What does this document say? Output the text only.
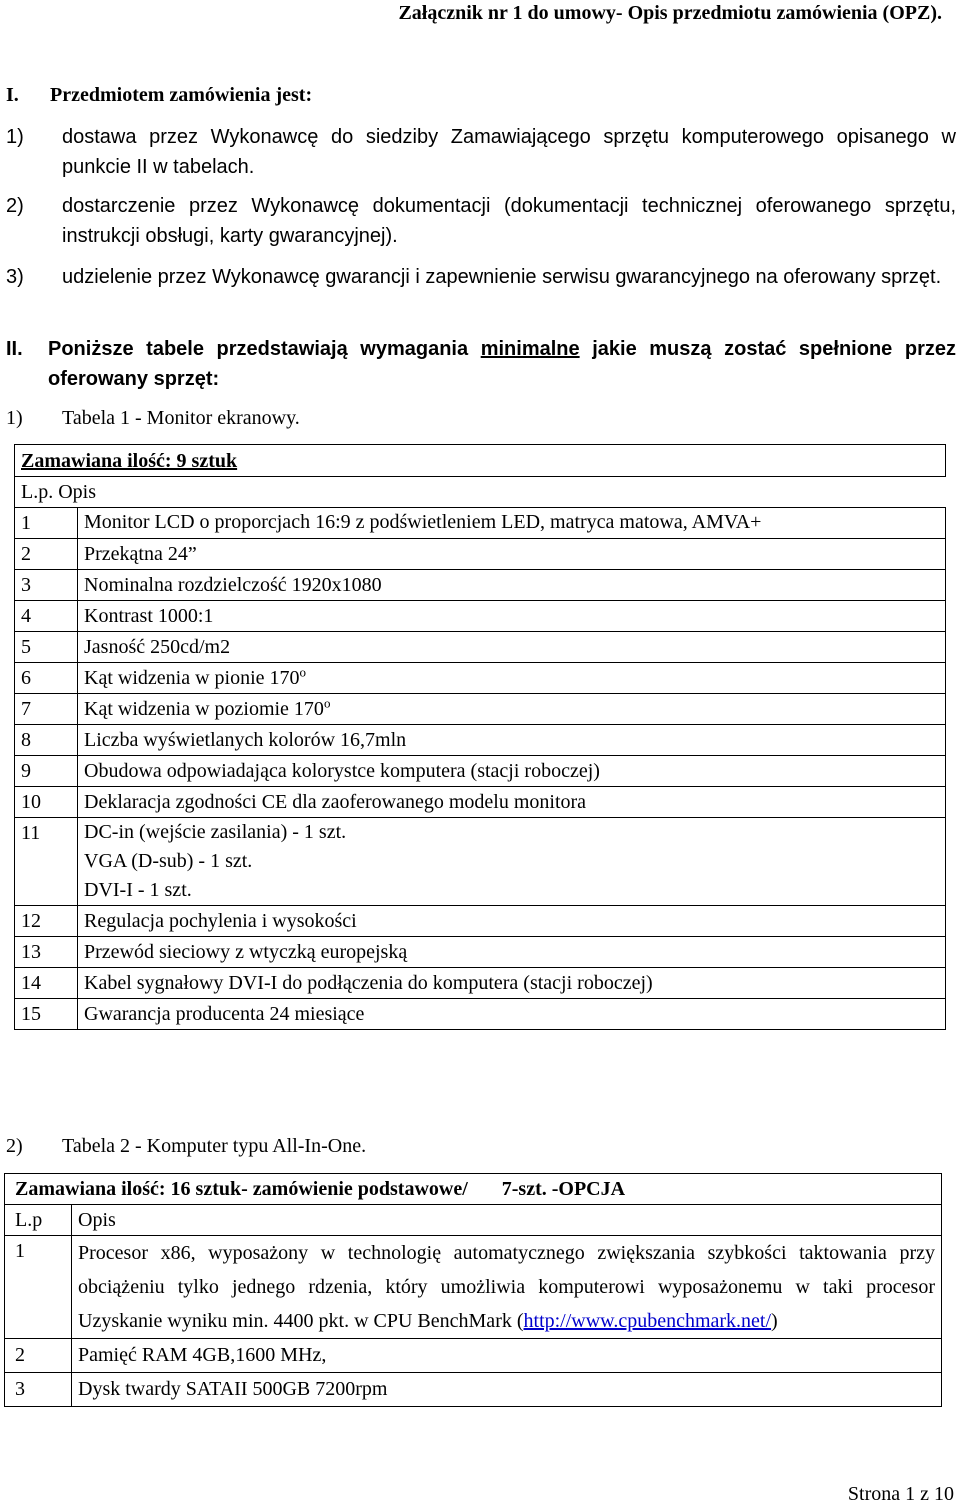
Załącznik nr 1 do umowy- Opis przedmiotu zamówienia (OPZ).
I. Przedmiotem zamówienia jest:
1) dostawa przez Wykonawcę do siedziby Zamawiającego sprzętu komputerowego opisanego w punkcie II w tabelach.
2) dostarczenie przez Wykonawcę dokumentacji (dokumentacji technicznej oferowanego sprzętu, instrukcji obsługi, karty gwarancyjnej).
3) udzielenie przez Wykonawcę gwarancji i zapewnienie serwisu gwarancyjnego na oferowany sprzęt.
II. Poniższe tabele przedstawiają wymagania minimalne jakie muszą zostać spełnione przez oferowany sprzęt:
1) Tabela 1 - Monitor ekranowy.
Zamawiana ilość: 9 sztuk	
L.p. Opis	
1	Monitor LCD o proporcjach 16:9 z podświetleniem LED, matryca matowa, AMVA+
2	Przekątna 24”
3	Nominalna rozdzielczość 1920x1080
4	Kontrast 1000:1
5	Jasność 250cd/m2
6	Kąt widzenia w pionie 170$^o$
7	Kąt widzenia w poziomie 170$^o$
8	Liczba wyświetlanych kolorów 16,7mln
9	Obudowa odpowiadająca kolorystce komputera (stacji roboczej)
10	Deklaracja zgodności CE dla zaoferowanego modelu monitora
11	DC-in (wejście zasilania) - 1 szt.
VGA (D-sub) - 1 szt.
DVI-I - 1 szt.

12	Regulacja pochylenia i wysokości
13	Przewód sieciowy z wtyczką europejską
14	Kabel sygnałowy DVI-I do podłączenia do komputera (stacji roboczej)
15	Gwarancja producenta 24 miesiące
2) Tabela 2 - Komputer typu All-In-One.
Zamawiana ilość: 16 sztuk- zamówienie podstawowe/ 7-szt. -OPCJA	
L.p	Opis
1	Procesor x86, wyposażony w technologię automatycznego zwiększania szybkości taktowania przy obciążeniu tylko jednego rdzenia, który umożliwia komputerowi wyposażonemu w taki procesor Uzyskanie wyniku min. 4400 pkt. w CPU BenchMark (http://www.cpubenchmark.net/)
2	Pamięć RAM 4GB,1600 MHz,
3	Dysk twardy SATAII 500GB 7200rpm
Strona 1 z 10
